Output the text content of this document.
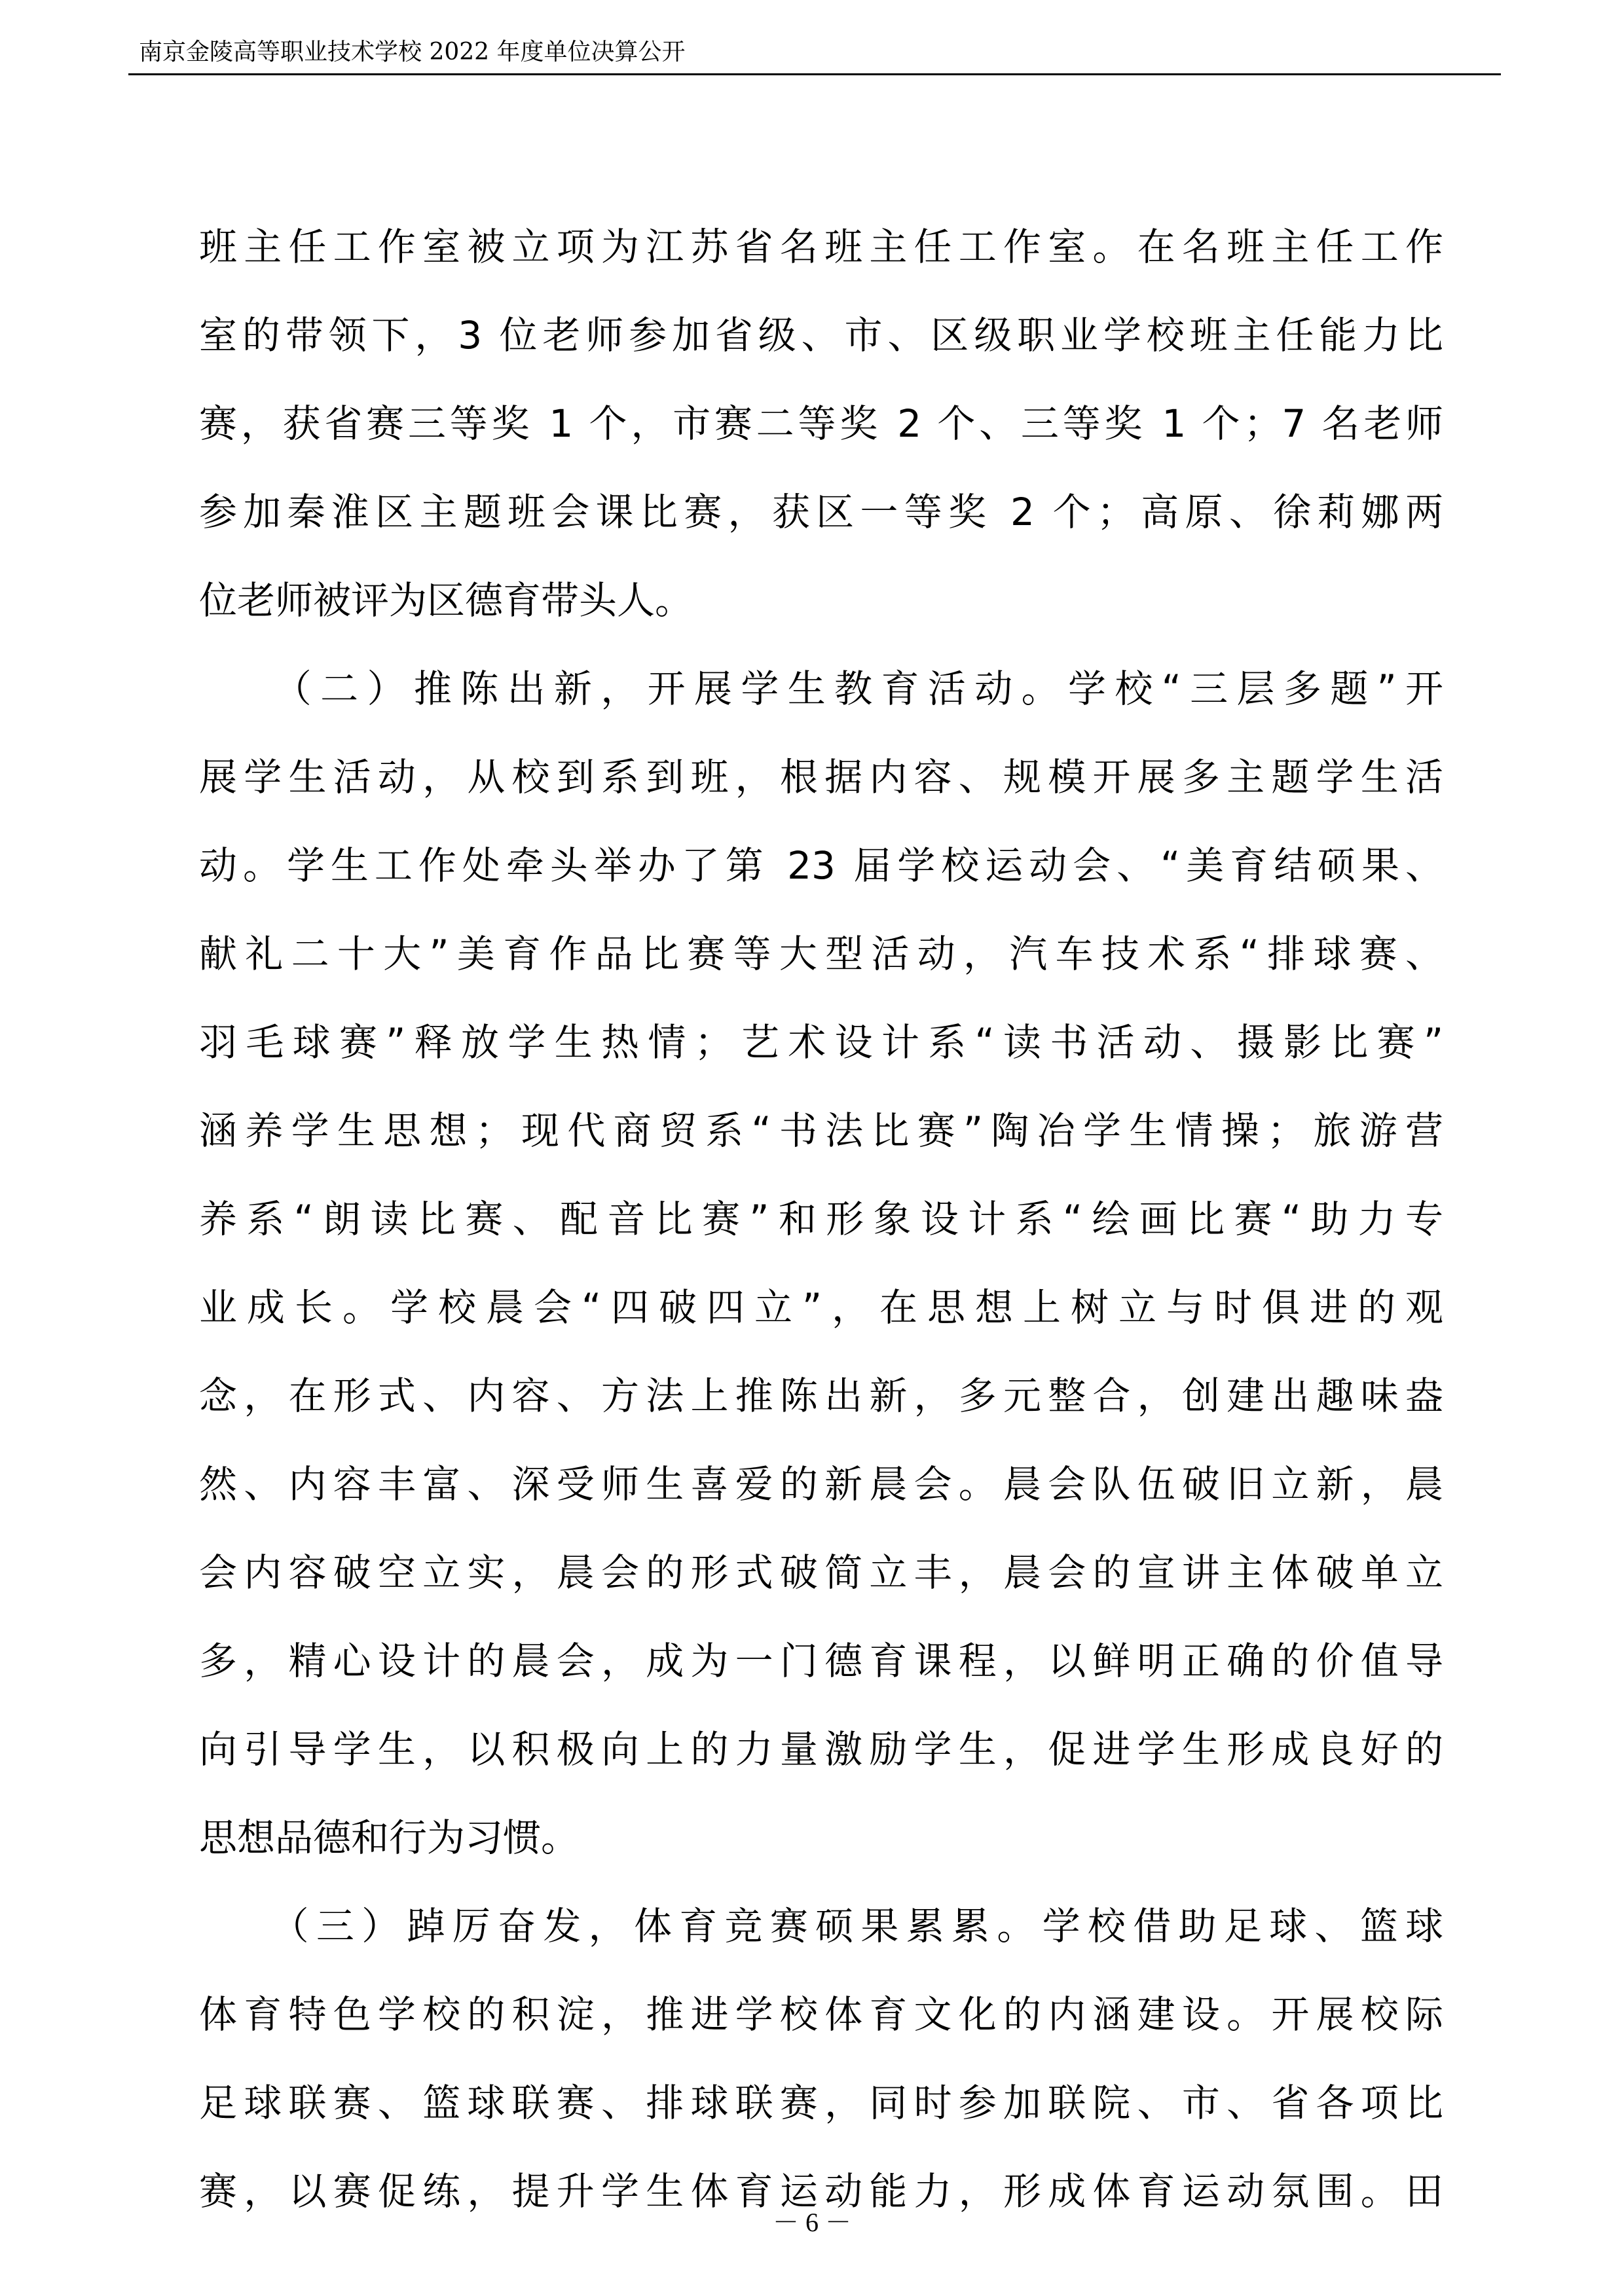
南京金陵高等职业技术学校 2022 年度单位决算公开
班主任工作室被立项为江苏省名班主任工作室。在名班主任工作
室的带领下，3 位老师参加省级、市、区级职业学校班主任能力比
赛，获省赛三等奖 1 个，市赛二等奖 2 个、三等奖 1 个；7 名老师
参加秦淮区主题班会课比赛，获区一等奖 2 个；高原、徐莉娜两
位老师被评为区德育带头人。
　　（二）推陈出新，开展学生教育活动。学校“三层多题”开
展学生活动，从校到系到班，根据内容、规模开展多主题学生活
动。学生工作处牵头举办了第 23 届学校运动会、“美育结硕果、
献礼二十大”美育作品比赛等大型活动，汽车技术系“排球赛、
羽毛球赛”释放学生热情；艺术设计系“读书活动、摄影比赛”
涵养学生思想；现代商贸系“书法比赛”陶冶学生情操；旅游营
养系“朗读比赛、配音比赛”和形象设计系“绘画比赛“助力专
业成长。学校晨会“四破四立”，在思想上树立与时俱进的观
念，在形式、内容、方法上推陈出新，多元整合，创建出趣味盎
然、内容丰富、深受师生喜爱的新晨会。晨会队伍破旧立新，晨
会内容破空立实，晨会的形式破简立丰，晨会的宣讲主体破单立
多，精心设计的晨会，成为一门德育课程，以鲜明正确的价值导
向引导学生，以积极向上的力量激励学生，促进学生形成良好的
思想品德和行为习惯。
　　（三）踔厉奋发，体育竞赛硕果累累。学校借助足球、篮球
体育特色学校的积淀，推进学校体育文化的内涵建设。开展校际
足球联赛、篮球联赛、排球联赛，同时参加联院、市、省各项比
赛，以赛促练，提升学生体育运动能力，形成体育运动氛围。田
－ 6 －
